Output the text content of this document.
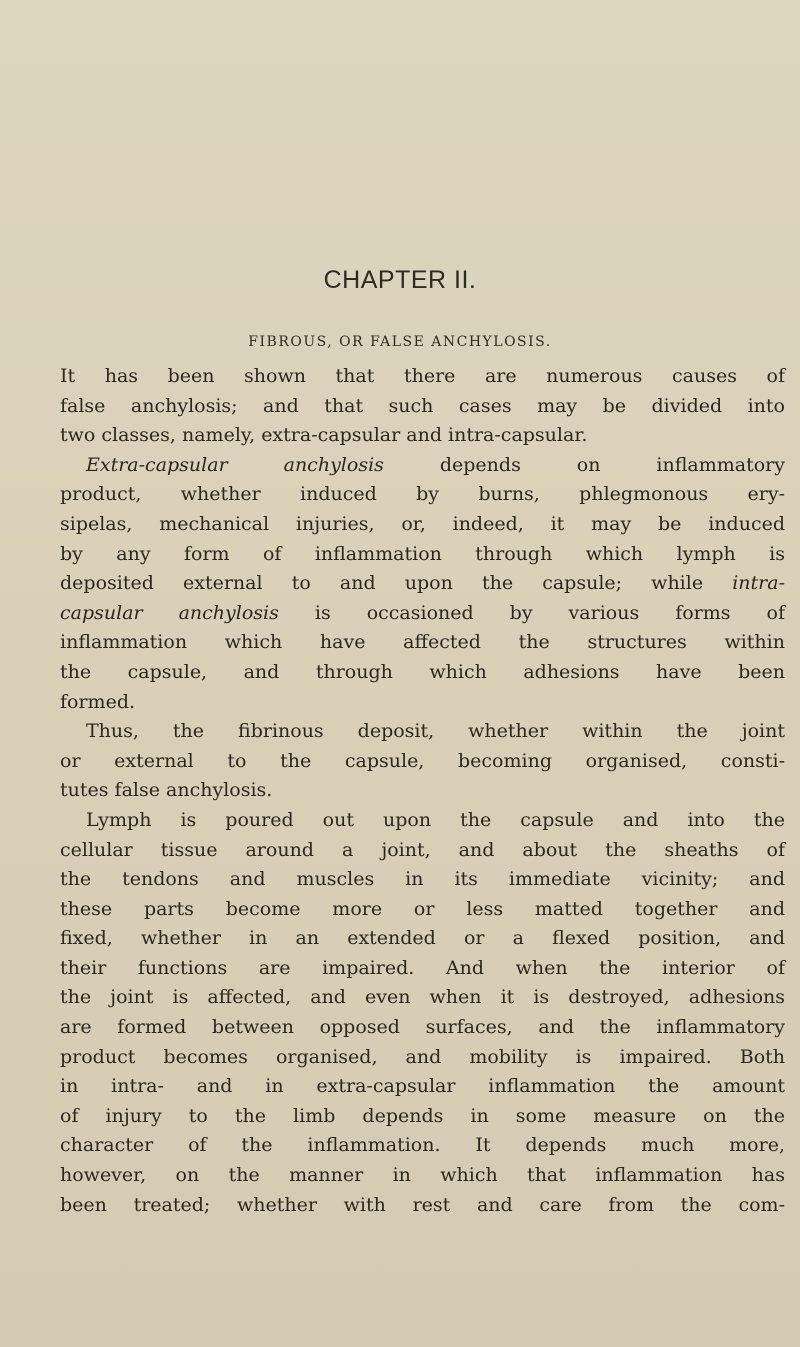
CHAPTER II.
FIBROUS, OR FALSE ANCHYLOSIS.
It has been shown that there are numerous causes of
false anchylosis; and that such cases may be divided into
two classes, namely, extra-capsular and intra-capsular.
Extra-capsular anchylosis depends on inflammatory
product, whether induced by burns, phlegmonous ery-
sipelas, mechanical injuries, or, indeed, it may be induced
by any form of inflammation through which lymph is
deposited external to and upon the capsule; while intra-
capsular anchylosis is occasioned by various forms of
inflammation which have affected the structures within
the capsule, and through which adhesions have been
formed.
Thus, the fibrinous deposit, whether within the joint
or external to the capsule, becoming organised, consti-
tutes false anchylosis.
Lymph is poured out upon the capsule and into the
cellular tissue around a joint, and about the sheaths of
the tendons and muscles in its immediate vicinity; and
these parts become more or less matted together and
fixed, whether in an extended or a flexed position, and
their functions are impaired. And when the interior of
the joint is affected, and even when it is destroyed, adhesions
are formed between opposed surfaces, and the inflammatory
product becomes organised, and mobility is impaired. Both
in intra- and in extra-capsular inflammation the amount
of injury to the limb depends in some measure on the
character of the inflammation. It depends much more,
however, on the manner in which that inflammation has
been treated; whether with rest and care from the com-
